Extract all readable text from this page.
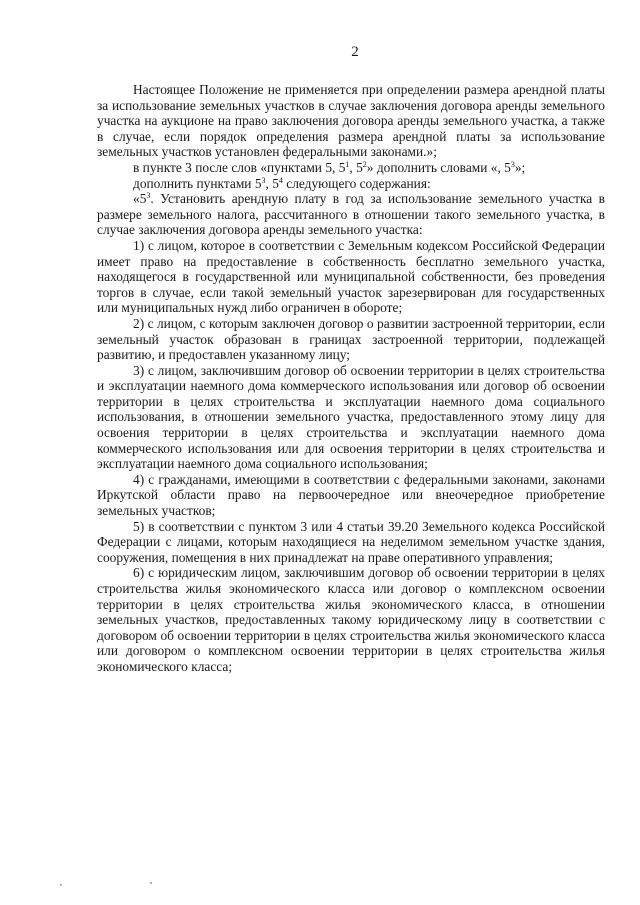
2

Настоящее Положение не применяется при определении размера арендной платы за использование земельных участков в случае заключения договора аренды земельного участка на аукционе на право заключения договора аренды земельного участка, а также в случае, если порядок определения размера арендной платы за использование земельных участков установлен федеральными законами.»;

в пункте 3 после слов «пунктами 5, $5^1$, $5^2$» дополнить словами «, $5^3$»;

дополнить пунктами $5^3$, $5^4$ следующего содержания:

«$5^3$. Установить арендную плату в год за использование земельного участка в размере земельного налога, рассчитанного в отношении такого земельного участка, в случае заключения договора аренды земельного участка:

1) с лицом, которое в соответствии с Земельным кодексом Российской Федерации имеет право на предоставление в собственность бесплатно земельного участка, находящегося в государственной или муниципальной собственности, без проведения торгов в случае, если такой земельный участок зарезервирован для государственных или муниципальных нужд либо ограничен в обороте;

2) с лицом, с которым заключен договор о развитии застроенной территории, если земельный участок образован в границах застроенной территории, подлежащей развитию, и предоставлен указанному лицу;

3) с лицом, заключившим договор об освоении территории в целях строительства и эксплуатации наемного дома коммерческого использования или договор об освоении территории в целях строительства и эксплуатации наемного дома социального использования, в отношении земельного участка, предоставленного этому лицу для освоения территории в целях строительства и эксплуатации наемного дома коммерческого использования или для освоения территории в целях строительства и эксплуатации наемного дома социального использования;

4) с гражданами, имеющими в соответствии с федеральными законами, законами Иркутской области право на первоочередное или внеочередное приобретение земельных участков;

5) в соответствии с пунктом 3 или 4 статьи 39.20 Земельного кодекса Российской Федерации с лицами, которым находящиеся на неделимом земельном участке здания, сооружения, помещения в них принадлежат на праве оперативного управления;

6) с юридическим лицом, заключившим договор об освоении территории в целях строительства жилья экономического класса или договор о комплексном освоении территории в целях строительства жилья экономического класса, в отношении земельных участков, предоставленных такому юридическому лицу в соответствии с договором об освоении территории в целях строительства жилья экономического класса или договором о комплексном освоении территории в целях строительства жилья экономического класса;
